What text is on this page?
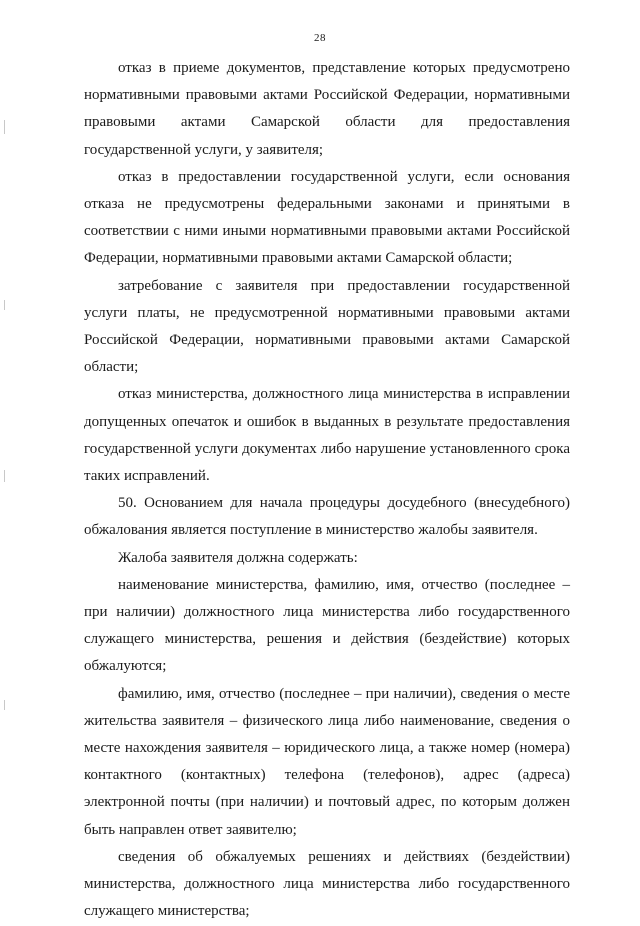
28

отказ в приеме документов, представление которых предусмотрено нормативными правовыми актами Российской Федерации, нормативными правовыми актами Самарской области для предоставления государственной услуги, у заявителя;

отказ в предоставлении государственной услуги, если основания отказа не предусмотрены федеральными законами и принятыми в соответствии с ними иными нормативными правовыми актами Российской Федерации, нормативными правовыми актами Самарской области;

затребование с заявителя при предоставлении государственной услуги платы, не предусмотренной нормативными правовыми актами Российской Федерации, нормативными правовыми актами Самарской области;

отказ министерства, должностного лица министерства в исправлении допущенных опечаток и ошибок в выданных в результате предоставления государственной услуги документах либо нарушение установленного срока таких исправлений.

50. Основанием для начала процедуры досудебного (внесудебного) обжалования является поступление в министерство жалобы заявителя.

Жалоба заявителя должна содержать:

наименование министерства, фамилию, имя, отчество (последнее – при наличии) должностного лица министерства либо государственного служащего министерства, решения и действия (бездействие) которых обжалуются;

фамилию, имя, отчество (последнее – при наличии), сведения о месте жительства заявителя – физического лица либо наименование, сведения о месте нахождения заявителя – юридического лица, а также номер (номера) контактного (контактных) телефона (телефонов), адрес (адреса) электронной почты (при наличии) и почтовый адрес, по которым должен быть направлен ответ заявителю;

сведения об обжалуемых решениях и действиях (бездействии) министерства, должностного лица министерства либо государственного служащего министерства;
